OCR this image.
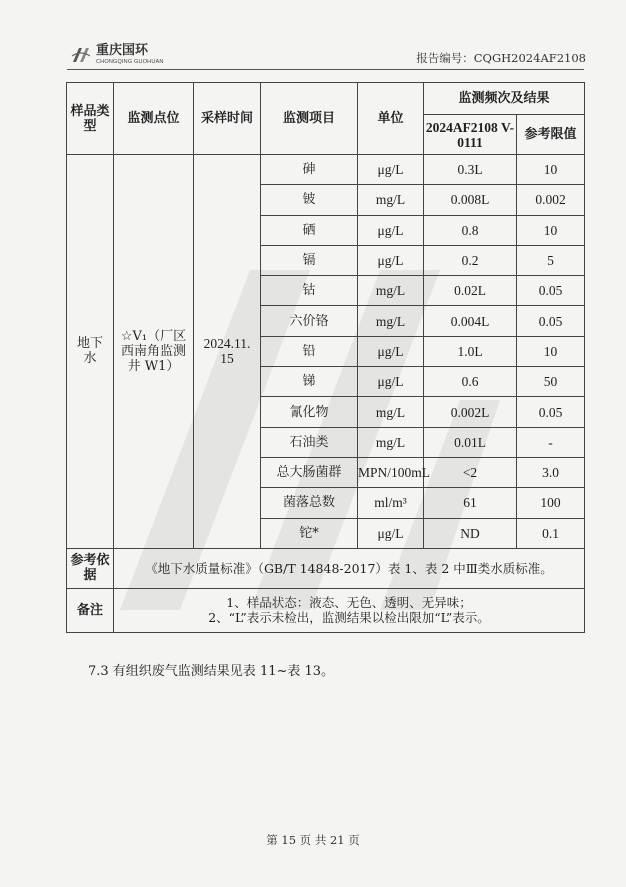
重庆国环
CHONGQING GUOHUAN	报告编号：CQGH2024AF2108
样品类型	监测点位	采样时间	监测项目	单位	监测频次及结果	
					2024AF2108 V-0111	参考限值
地下水	☆V₁（厂区西南角监测井 W1）	2024.11. 15	砷	μg/L	0.3L	10
			铍	mg/L	0.008L	0.002
			硒	μg/L	0.8	10
			镉	μg/L	0.2	5
			钴	mg/L	0.02L	0.05
			六价铬	mg/L	0.004L	0.05
			铅	μg/L	1.0L	10
			锑	μg/L	0.6	50
			氰化物	mg/L	0.002L	0.05
			石油类	mg/L	0.01L	-
			总大肠菌群	MPN/100mL	<2	3.0
			菌落总数	ml/m³	61	100
			铊*	μg/L	ND	0.1
参考依据	《地下水质量标准》（GB/T 14848-2017）表 1、表 2 中Ⅲ类水质标准。					
备注	1、样品状态：液态、无色、透明、无异味；
2、“L”表示未检出，监测结果以检出限加“L”表示。					
7.3 有组织废气监测结果见表 11~表 13。
第 15 页 共 21 页
